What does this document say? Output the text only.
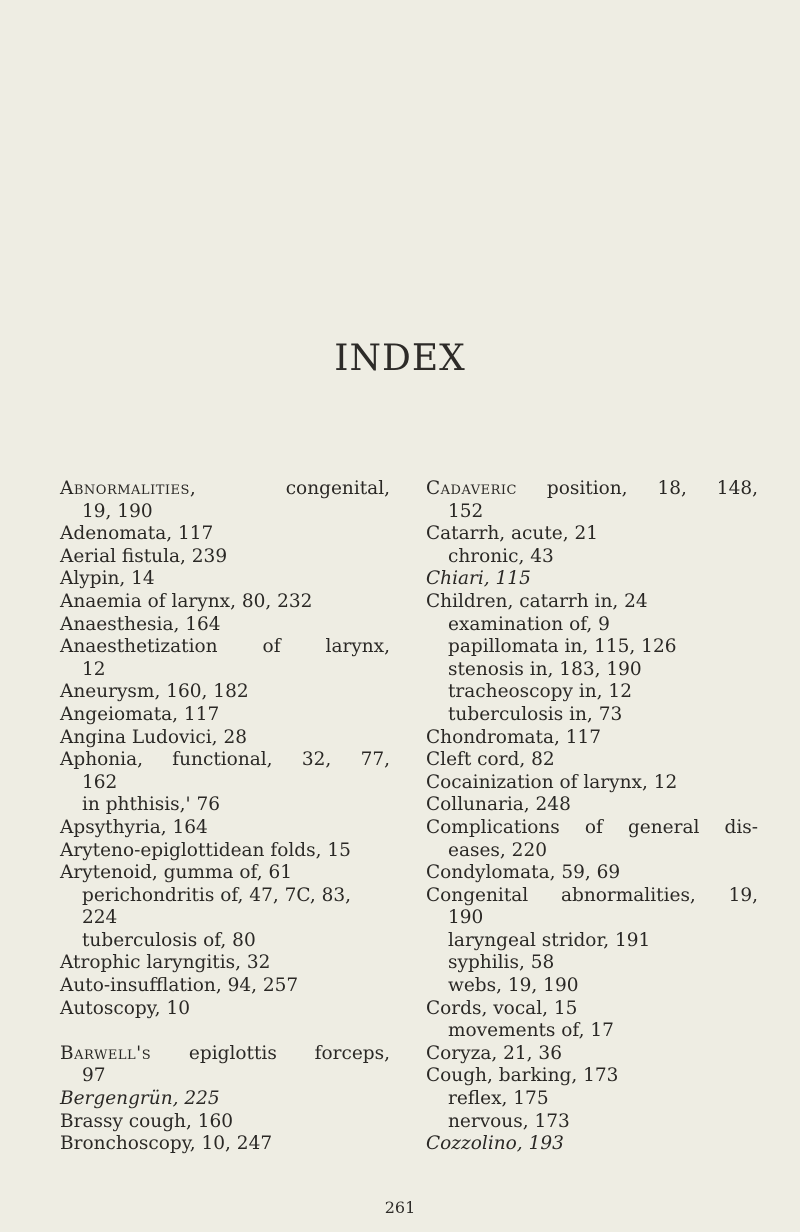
INDEX
Abnormalities, congenital,
19, 190
Adenomata, 117
Aerial fistula, 239
Alypin, 14
Anaemia of larynx, 80, 232
Anaesthesia, 164
Anaesthetization of larynx,
12
Aneurysm, 160, 182
Angeiomata, 117
Angina Ludovici, 28
Aphonia, functional, 32, 77,
162
in phthisis,' 76
Apsythyria, 164
Aryteno-epiglottidean folds, 15
Arytenoid, gumma of, 61
perichondritis of, 47, 7C, 83,
224
tuberculosis of, 80
Atrophic laryngitis, 32
Auto-insufflation, 94, 257
Autoscopy, 10
Barwell's epiglottis forceps,
97
Bergengrün, 225
Brassy cough, 160
Bronchoscopy, 10, 247
Cadaveric position, 18, 148,
152
Catarrh, acute, 21
chronic, 43
Chiari, 115
Children, catarrh in, 24
examination of, 9
papillomata in, 115, 126
stenosis in, 183, 190
tracheoscopy in, 12
tuberculosis in, 73
Chondromata, 117
Cleft cord, 82
Cocainization of larynx, 12
Collunaria, 248
Complications of general dis-
eases, 220
Condylomata, 59, 69
Congenital abnormalities, 19,
190
laryngeal stridor, 191
syphilis, 58
webs, 19, 190
Cords, vocal, 15
movements of, 17
Coryza, 21, 36
Cough, barking, 173
reflex, 175
nervous, 173
Cozzolino, 193
261
